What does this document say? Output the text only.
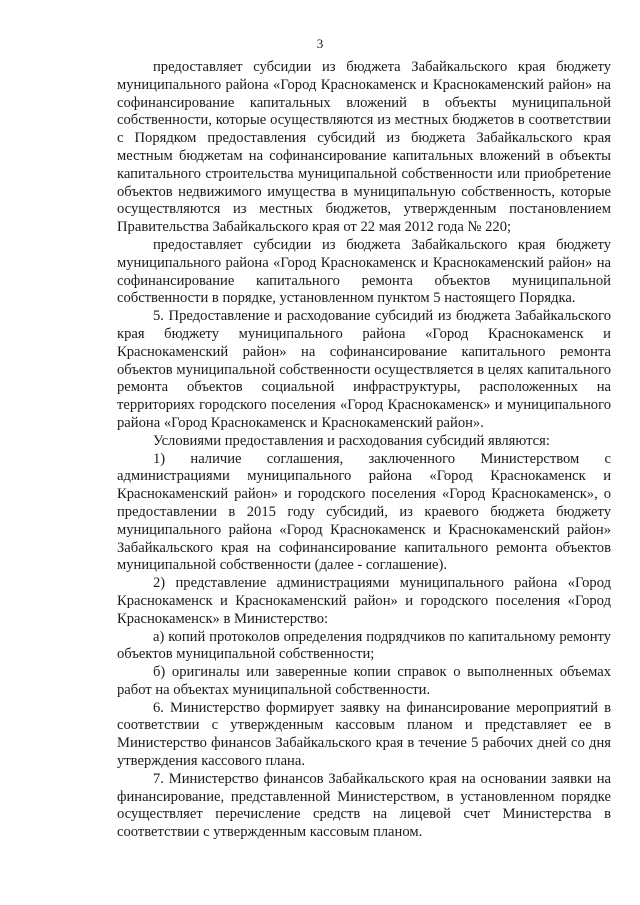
3

предоставляет субсидии из бюджета Забайкальского края бюджету муниципального района «Город Краснокаменск и Краснокаменский район» на софинансирование капитальных вложений в объекты муниципальной собственности, которые осуществляются из местных бюджетов в соответствии с Порядком предоставления субсидий из бюджета Забайкальского края местным бюджетам на софинансирование капитальных вложений в объекты капитального строительства муниципальной собственности или приобретение объектов недвижимого имущества в муниципальную собственность, которые осуществляются из местных бюджетов, утвержденным постановлением Правительства Забайкальского края от 22 мая 2012 года № 220;

предоставляет субсидии из бюджета Забайкальского края бюджету муниципального района «Город Краснокаменск и Краснокаменский район» на софинансирование капитального ремонта объектов муниципальной собственности в порядке, установленном пунктом 5 настоящего Порядка.

5. Предоставление и расходование субсидий из бюджета Забайкальского края бюджету муниципального района «Город Краснокаменск и Краснокаменский район» на софинансирование капитального ремонта объектов муниципальной собственности осуществляется в целях капитального ремонта объектов социальной инфраструктуры, расположенных на территориях городского поселения «Город Краснокаменск» и муниципального района «Город Краснокаменск и Краснокаменский район».

Условиями предоставления и расходования субсидий являются:

1) наличие соглашения, заключенного Министерством с администрациями муниципального района «Город Краснокаменск и Краснокаменский район» и городского поселения «Город Краснокаменск», о предоставлении в 2015 году субсидий, из краевого бюджета бюджету муниципального района «Город Краснокаменск и Краснокаменский район» Забайкальского края на софинансирование капитального ремонта объектов муниципальной собственности (далее - соглашение).

2) представление администрациями муниципального района «Город Краснокаменск и Краснокаменский район» и городского поселения «Город Краснокаменск» в Министерство:

а) копий протоколов определения подрядчиков по капитальному ремонту объектов муниципальной собственности;

б) оригиналы или заверенные копии справок о выполненных объемах работ на объектах муниципальной собственности.

6. Министерство формирует заявку на финансирование мероприятий в соответствии с утвержденным кассовым планом и представляет ее в Министерство финансов Забайкальского края в течение 5 рабочих дней со дня утверждения кассового плана.

7. Министерство финансов Забайкальского края на основании заявки на финансирование, представленной Министерством, в установленном порядке осуществляет перечисление средств на лицевой счет Министерства в соответствии с утвержденным кассовым планом.
